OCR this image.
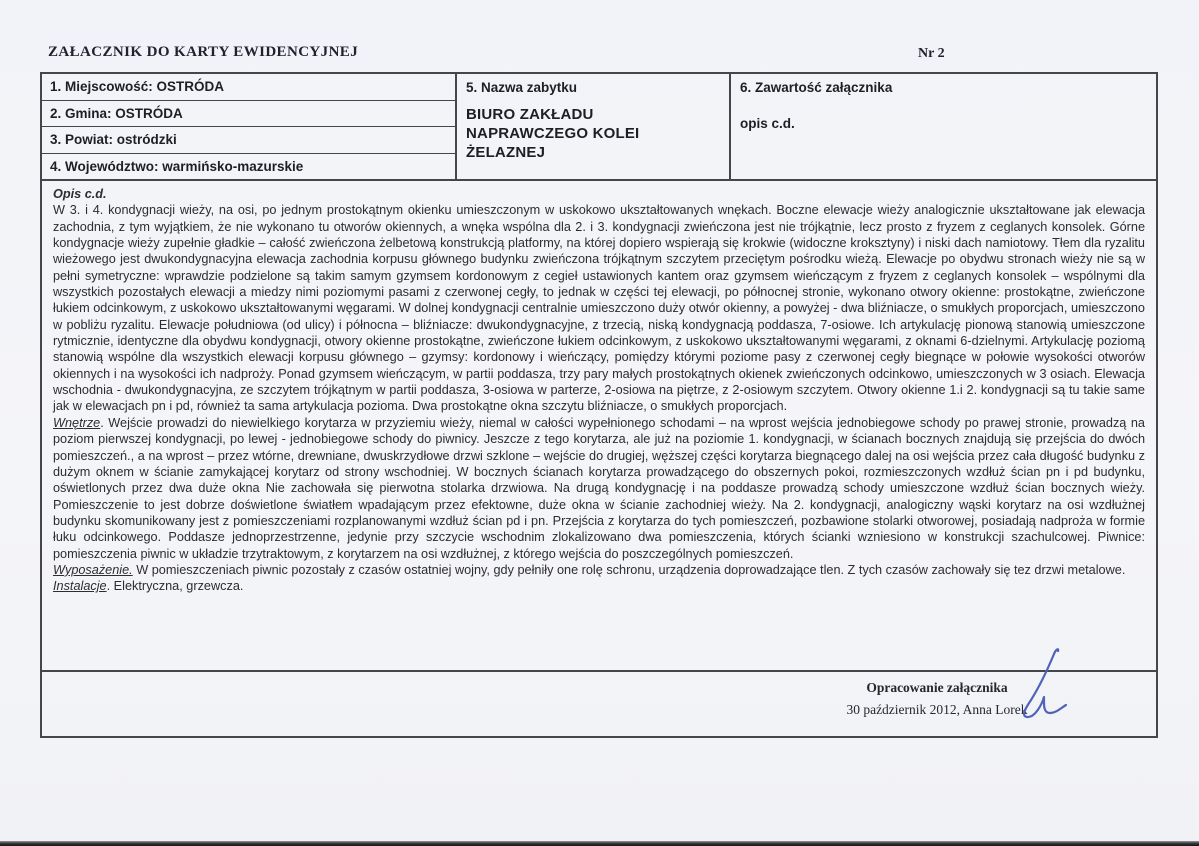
ZAŁACZNIK DO KARTY EWIDENCYJNEJ	Nr 2
1. Miejscowość: OSTRÓDA
2. Gmina: OSTRÓDA
3. Powiat: ostródzki
4. Województwo: warmińsko-mazurskie
5. Nazwa zabytku
BIURO ZAKŁADU NAPRAWCZEGO KOLEI ŻELAZNEJ
6. Zawartość załącznika
opis c.d.

Opis c.d.

W 3. i 4. kondygnacji wieży, na osi, po jednym prostokątnym okienku umieszczonym w uskokowo ukształtowanych wnękach. Boczne elewacje wieży analogicznie ukształtowane jak elewacja zachodnia, z tym wyjątkiem, że nie wykonano tu otworów okiennych, a wnęka wspólna dla 2. i 3. kondygnacji zwieńczona jest nie trójkątnie, lecz prosto z fryzem z ceglanych konsolek. Górne kondygnacje wieży zupełnie gładkie – całość zwieńczona żelbetową konstrukcją platformy, na której dopiero wspierają się krokwie (widoczne kroksztyny) i niski dach namiotowy. Tłem dla ryzalitu wieżowego jest dwukondygnacyjna elewacja zachodnia korpusu głównego budynku zwieńczona trójkątnym szczytem przeciętym pośrodku wieżą. Elewacje po obydwu stronach wieży nie są w pełni symetryczne: wprawdzie podzielone są takim samym gzymsem kordonowym z cegieł ustawionych kantem oraz gzymsem wieńczącym z fryzem z ceglanych konsolek – wspólnymi dla wszystkich pozostałych elewacji a miedzy nimi poziomymi pasami z czerwonej cegły, to jednak w części tej elewacji, po północnej stronie, wykonano otwory okienne: prostokątne, zwieńczone łukiem odcinkowym, z uskokowo ukształtowanymi węgarami. W dolnej kondygnacji centralnie umieszczono duży otwór okienny, a powyżej - dwa bliźniacze, o smukłych proporcjach, umieszczono w pobliżu ryzalitu. Elewacje południowa (od ulicy) i północna – bliźniacze: dwukondygnacyjne, z trzecią, niską kondygnacją poddasza, 7-osiowe. Ich artykulację pionową stanowią umieszczone rytmicznie, identyczne dla obydwu kondygnacji, otwory okienne prostokątne, zwieńczone łukiem odcinkowym, z uskokowo ukształtowanymi węgarami, z oknami 6-dzielnymi. Artykulację poziomą stanowią wspólne dla wszystkich elewacji korpusu głównego – gzymsy: kordonowy i wieńczący, pomiędzy którymi poziome pasy z czerwonej cegły biegnące w połowie wysokości otworów okiennych i na wysokości ich nadproży. Ponad gzymsem wieńczącym, w partii poddasza, trzy pary małych prostokątnych okienek zwieńczonych odcinkowo, umieszczonych w 3 osiach. Elewacja wschodnia - dwukondygnacyjna, ze szczytem trójkątnym w partii poddasza, 3-osiowa w parterze, 2-osiowa na piętrze, z 2-osiowym szczytem. Otwory okienne 1.i 2. kondygnacji są tu takie same jak w elewacjach pn i pd, również ta sama artykulacja pozioma. Dwa prostokątne okna szczytu bliźniacze, o smukłych proporcjach.

Wnętrze. Wejście prowadzi do niewielkiego korytarza w przyziemiu wieży, niemal w całości wypełnionego schodami – na wprost wejścia jednobiegowe schody po prawej stronie, prowadzą na poziom pierwszej kondygnacji, po lewej - jednobiegowe schody do piwnicy. Jeszcze z tego korytarza, ale już na poziomie 1. kondygnacji, w ścianach bocznych znajdują się przejścia do dwóch pomieszczeń., a na wprost – przez wtórne, drewniane, dwuskrzydłowe drzwi szklone – wejście do drugiej, węższej części korytarza biegnącego dalej na osi wejścia przez cała długość budynku z dużym oknem w ścianie zamykającej korytarz od strony wschodniej. W bocznych ścianach korytarza prowadzącego do obszernych pokoi, rozmieszczonych wzdłuż ścian pn i pd budynku, oświetlonych przez dwa duże okna Nie zachowała się pierwotna stolarka drzwiowa. Na drugą kondygnację i na poddasze prowadzą schody umieszczone wzdłuż ścian bocznych wieży. Pomieszczenie to jest dobrze doświetlone światłem wpadającym przez efektowne, duże okna w ścianie zachodniej wieży. Na 2. kondygnacji, analogiczny wąski korytarz na osi wzdłużnej budynku skomunikowany jest z pomieszczeniami rozplanowanymi wzdłuż ścian pd i pn. Przejścia z korytarza do tych pomieszczeń, pozbawione stolarki otworowej, posiadają nadproża w formie łuku odcinkowego. Poddasze jednoprzestrzenne, jedynie przy szczycie wschodnim zlokalizowano dwa pomieszczenia, których ścianki wzniesiono w konstrukcji szachulcowej. Piwnice: pomieszczenia piwnic w układzie trzytraktowym, z korytarzem na osi wzdłużnej, z którego wejścia do poszczególnych pomieszczeń.

Wyposażenie. W pomieszczeniach piwnic pozostały z czasów ostatniej wojny, gdy pełniły one rolę schronu, urządzenia doprowadzające tlen. Z tych czasów zachowały się tez drzwi metalowe.

Instalacje. Elektryczna, grzewcza.

Opracowanie załącznika
30 październik 2012, Anna Lorek
